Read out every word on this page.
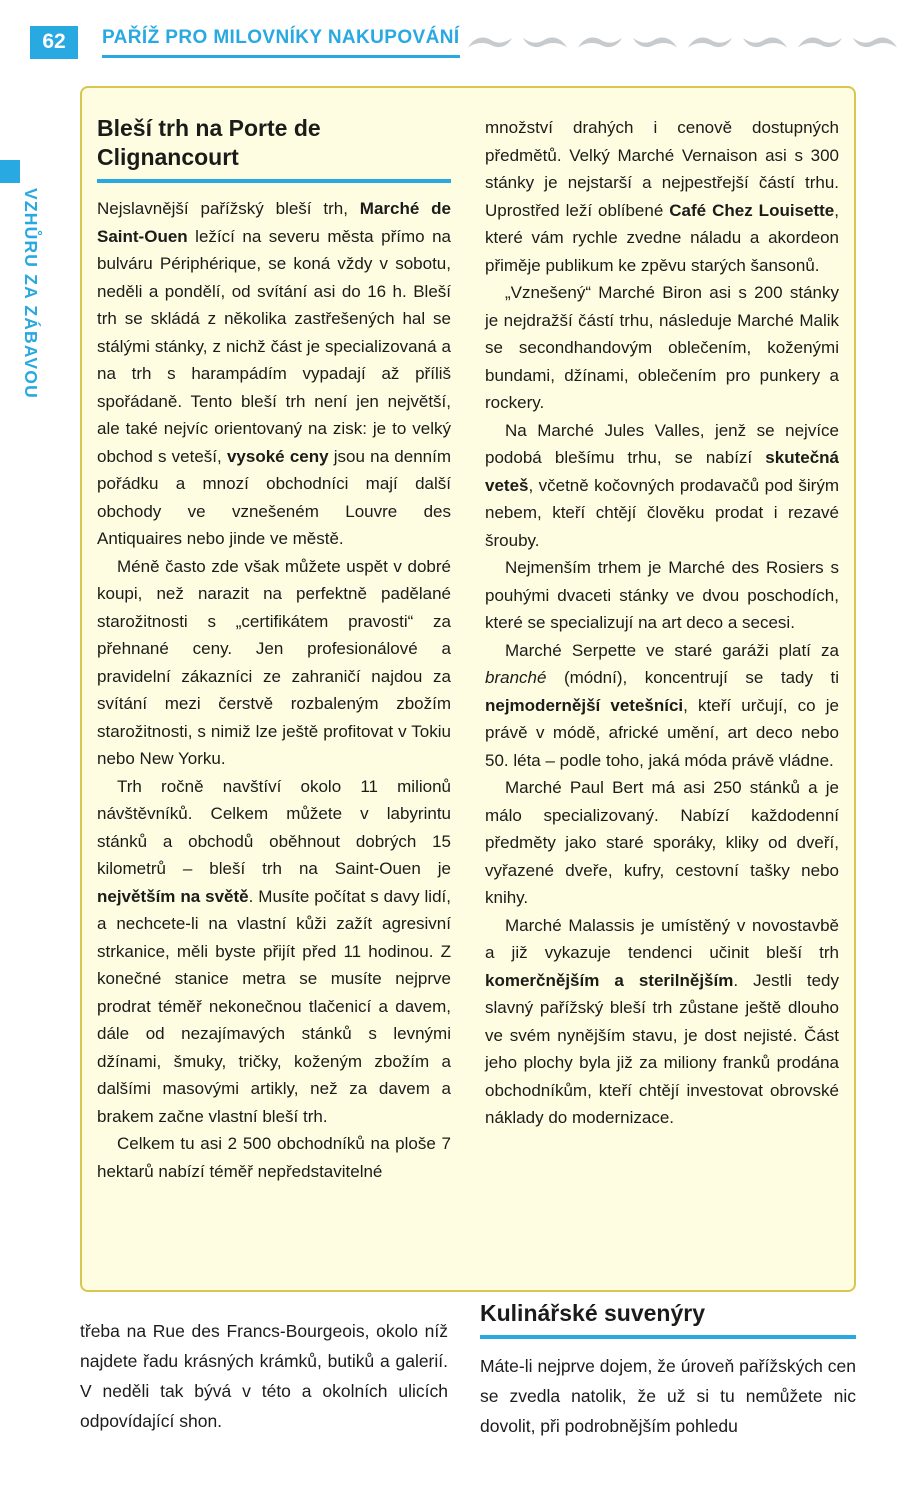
62	PAŘÍŽ PRO MILOVNÍKY NAKUPOVÁNÍ
VZHŮRU ZA ZÁBAVOU
Bleší trh na Porte de Clignancourt

Nejslavnější pařížský bleší trh, Marché de Saint-Ouen ležící na severu města přímo na bulváru Périphérique, se koná vždy v sobotu, neděli a pondělí, od svítání asi do 16 h. Bleší trh se skládá z několika zastřešených hal se stálými stánky, z nichž část je specializovaná a na trh s harampádím vypadají až příliš spořádaně. Tento bleší trh není jen největší, ale také nejvíc orientovaný na zisk: je to velký obchod s veteší, vysoké ceny jsou na denním pořádku a mnozí obchodníci mají další obchody ve vznešeném Louvre des Antiquaires nebo jinde ve městě.

Méně často zde však můžete uspět v dobré koupi, než narazit na perfektně padělané starožitnosti s „certifikátem pravosti“ za přehnané ceny. Jen profesionálové a pravidelní zákazníci ze zahraničí najdou za svítání mezi čerstvě rozbaleným zbožím starožitnosti, s nimiž lze ještě profitovat v Tokiu nebo New Yorku.

Trh ročně navštíví okolo 11 milionů návštěvníků. Celkem můžete v labyrintu stánků a obchodů oběhnout dobrých 15 kilometrů – bleší trh na Saint-Ouen je největším na světě. Musíte počítat s davy lidí, a nechcete-li na vlastní kůži zažít agresivní strkanice, měli byste přijít před 11 hodinou. Z konečné stanice metra se musíte nejprve prodrat téměř nekonečnou tlačenicí a davem, dále od nezajímavých stánků s levnými džínami, šmuky, tričky, koženým zbožím a dalšími masovými artikly, než za davem a brakem začne vlastní bleší trh.

Celkem tu asi 2 500 obchodníků na ploše 7 hektarů nabízí téměř nepředstavitelné

množství drahých i cenově dostupných předmětů. Velký Marché Vernaison asi s 300 stánky je nejstarší a nejpestřejší částí trhu. Uprostřed leží oblíbené Café Chez Louisette, které vám rychle zvedne náladu a akordeon přiměje publikum ke zpěvu starých šansonů.

„Vznešený“ Marché Biron asi s 200 stánky je nejdražší částí trhu, následuje Marché Malik se secondhandovým oblečením, koženými bundami, džínami, oblečením pro punkery a rockery.

Na Marché Jules Valles, jenž se nejvíce podobá blešímu trhu, se nabízí skutečná veteš, včetně kočovných prodavačů pod širým nebem, kteří chtějí člověku prodat i rezavé šrouby.

Nejmenším trhem je Marché des Rosiers s pouhými dvaceti stánky ve dvou poschodích, které se specializují na art deco a secesi.

Marché Serpette ve staré garáži platí za branché (módní), koncentrují se tady ti nejmodernější vetešníci, kteří určují, co je právě v módě, africké umění, art deco nebo 50. léta – podle toho, jaká móda právě vládne.

Marché Paul Bert má asi 250 stánků a je málo specializovaný. Nabízí každodenní předměty jako staré sporáky, kliky od dveří, vyřazené dveře, kufry, cestovní tašky nebo knihy.

Marché Malassis je umístěný v novostavbě a již vykazuje tendenci učinit bleší trh komerčnějším a sterilnějším. Jestli tedy slavný pařížský bleší trh zůstane ještě dlouho ve svém nynějším stavu, je dost nejisté. Část jeho plochy byla již za miliony franků prodána obchodníkům, kteří chtějí investovat obrovské náklady do modernizace.

třeba na Rue des Francs-Bourgeois, okolo níž najdete řadu krásných krámků, butiků a galerií. V neděli tak bývá v této a okolních ulicích odpovídající shon.

Kulinářské suvenýry

Máte-li nejprve dojem, že úroveň pařížských cen se zvedla natolik, že už si tu nemůžete nic dovolit, při podrobnějším pohledu
